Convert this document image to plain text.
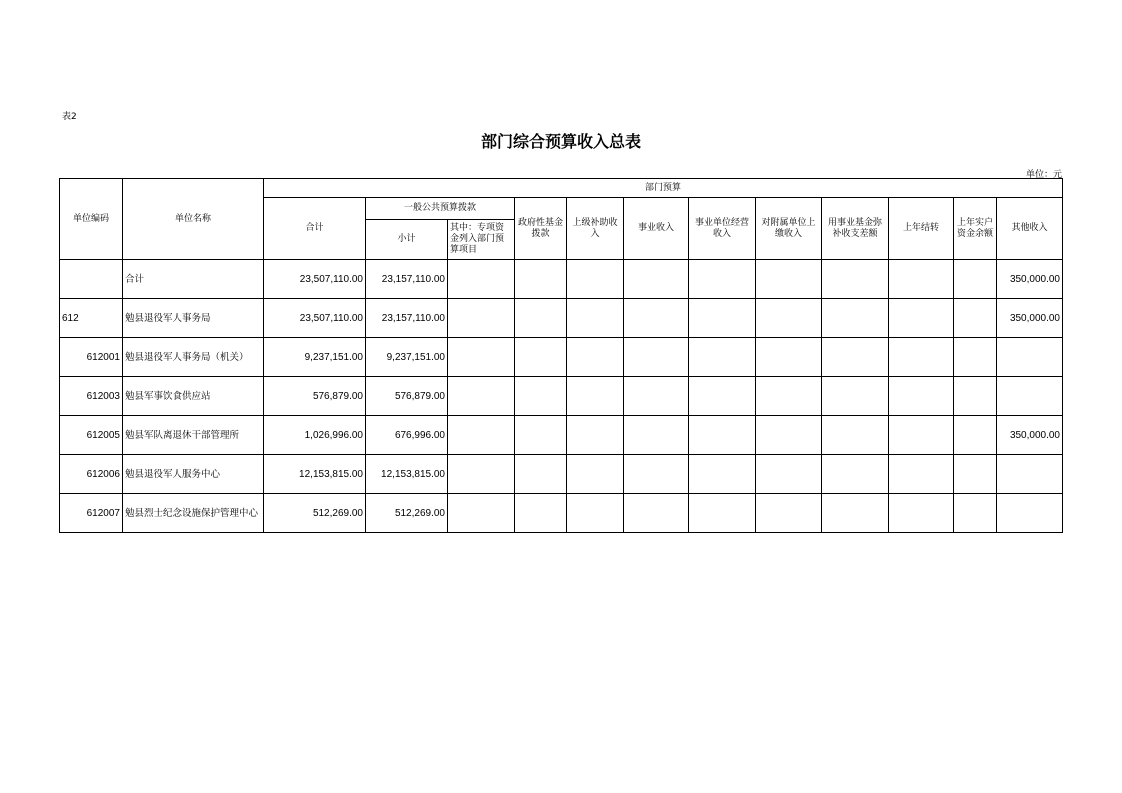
表2
部门综合预算收入总表
单位：元
单位编码	单位名称	部门预算											
		合计	一般公共预算拨款		政府性基金拨款	上级补助收入	事业收入	事业单位经营收入	对附属单位上缴收入	用事业基金弥补收支差额	上年结转	上年实户资金余额	其他收入
			小计	其中：专项资金列入部门预算项目									
	合计	23,507,110.00	23,157,110.00										350,000.00
612	勉县退役军人事务局	23,507,110.00	23,157,110.00										350,000.00
612001	勉县退役军人事务局（机关）	9,237,151.00	9,237,151.00										
612003	勉县军事饮食供应站	576,879.00	576,879.00										
612005	勉县军队离退休干部管理所	1,026,996.00	676,996.00										350,000.00
612006	勉县退役军人服务中心	12,153,815.00	12,153,815.00										
612007	勉县烈士纪念设施保护管理中心	512,269.00	512,269.00										
